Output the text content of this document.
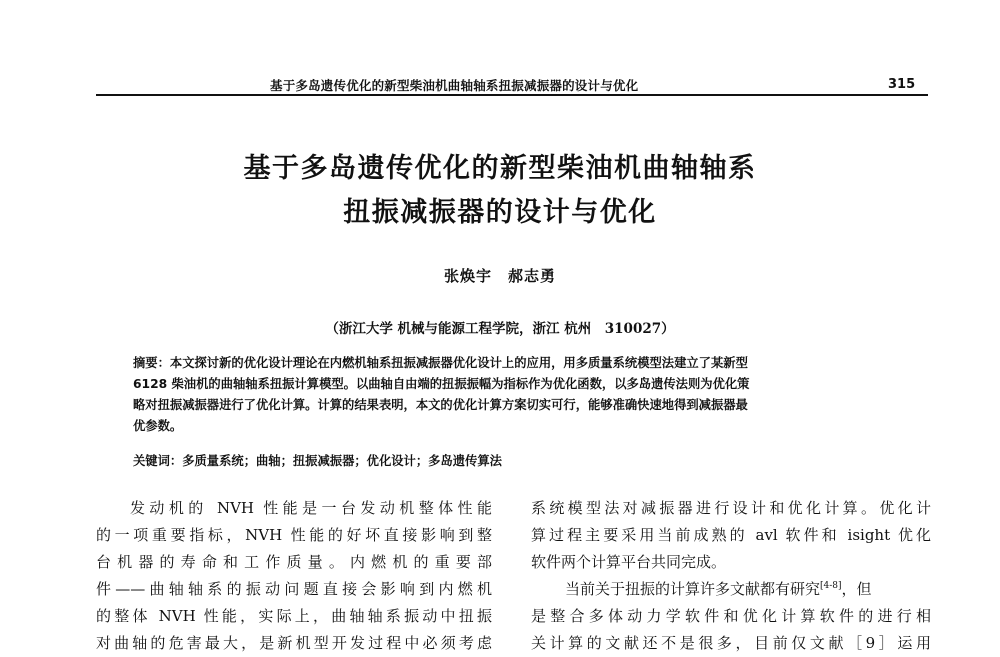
基于多岛遗传优化的新型柴油机曲轴轴系扭振减振器的设计与优化	315
基于多岛遗传优化的新型柴油机曲轴轴系
扭振减振器的设计与优化
张焕宇　郝志勇
（浙江大学 机械与能源工程学院，浙江 杭州　310027）

摘要：本文探讨新的优化设计理论在内燃机轴系扭振减振器优化设计上的应用，用多质量系统模型法建立了某新型

6128 柴油机的曲轴轴系扭振计算模型。以曲轴自由端的扭振振幅为指标作为优化函数，以多岛遗传法则为优化策

略对扭振减振器进行了优化计算。计算的结果表明，本文的优化计算方案切实可行，能够准确快速地得到减振器最

优参数。

关键词：多质量系统；曲轴；扭振减振器；优化设计；多岛遗传算法
发动机的 NVH 性能是一台发动机整体性能
的一项重要指标，NVH 性能的好坏直接影响到整
台机器的寿命和工作质量。内燃机的重要部
件——曲轴轴系的振动问题直接会影响到内燃机
的整体 NVH 性能，实际上，曲轴轴系振动中扭振
对曲轴的危害最大，是新机型开发过程中必须考虑
系统模型法对减振器进行设计和优化计算。优化计
算过程主要采用当前成熟的 avl 软件和 isight 优化
软件两个计算平台共同完成。
当前关于扭振的计算许多文献都有研究[4-8]，但
是整合多体动力学软件和优化计算软件的进行相
关计算的文献还不是很多，目前仅文献［9］运用
